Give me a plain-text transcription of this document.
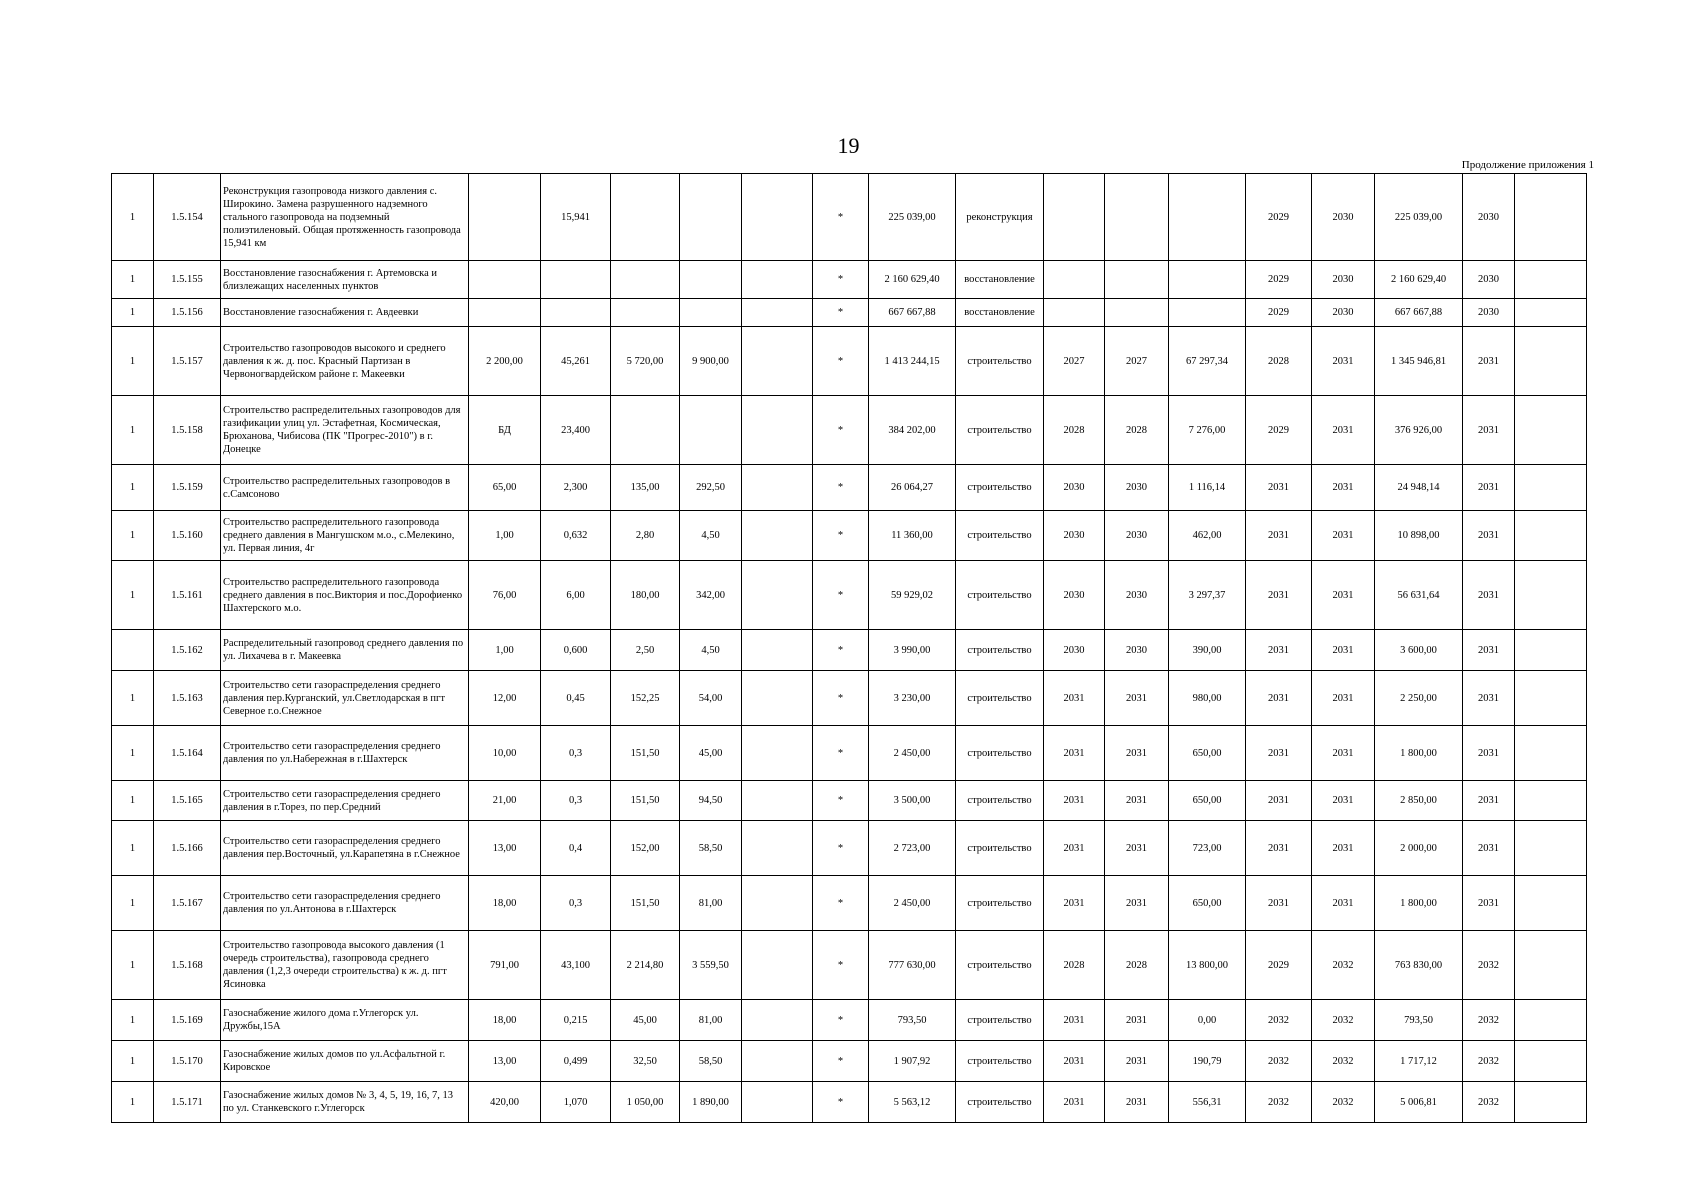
19
Продолжение приложения 1
1	1.5.154	Реконструкция газопровода низкого давления с. Широкино. Замена разрушенного надземного стального газопровода на подземный полиэтиленовый. Общая протяженность газопровода 15,941 км		15,941				*	225 039,00	реконструкция				2029	2030	225 039,00	2030	
1	1.5.155	Восстановление газоснабжения г. Артемовска и близлежащих населенных пунктов						*	2 160 629,40	восстановление				2029	2030	2 160 629,40	2030	
1	1.5.156	Восстановление газоснабжения г. Авдеевки						*	667 667,88	восстановление				2029	2030	667 667,88	2030	
1	1.5.157	Строительство газопроводов высокого и среднего давления к ж. д. пос. Красный Партизан в Червоногвардейском районе г. Макеевки	2 200,00	45,261	5 720,00	9 900,00		*	1 413 244,15	строительство	2027	2027	67 297,34	2028	2031	1 345 946,81	2031	
1	1.5.158	Строительство распределительных газопроводов для газификации улиц ул. Эстафетная, Космическая, Брюханова, Чибисова (ПК "Прогрес-2010") в г. Донецке	БД	23,400				*	384 202,00	строительство	2028	2028	7 276,00	2029	2031	376 926,00	2031	
1	1.5.159	Строительство распределительных газопроводов в с.Самсоново	65,00	2,300	135,00	292,50		*	26 064,27	строительство	2030	2030	1 116,14	2031	2031	24 948,14	2031	
1	1.5.160	Строительство распределительного газопровода среднего давления в Мангушском м.о., с.Мелекино, ул. Первая линия, 4г	1,00	0,632	2,80	4,50		*	11 360,00	строительство	2030	2030	462,00	2031	2031	10 898,00	2031	
1	1.5.161	Строительство распределительного газопровода среднего давления в пос.Виктория и пос.Дорофиенко Шахтерского м.о.	76,00	6,00	180,00	342,00		*	59 929,02	строительство	2030	2030	3 297,37	2031	2031	56 631,64	2031	
	1.5.162	Распределительный газопровод среднего давления по ул. Лихачева в г. Макеевка	1,00	0,600	2,50	4,50		*	3 990,00	строительство	2030	2030	390,00	2031	2031	3 600,00	2031	
1	1.5.163	Строительство сети газораспределения среднего давления пер.Курганский, ул.Светлодарская в пгт Северное г.о.Снежное	12,00	0,45	152,25	54,00		*	3 230,00	строительство	2031	2031	980,00	2031	2031	2 250,00	2031	
1	1.5.164	Строительство сети газораспределения среднего давления по ул.Набережная в г.Шахтерск	10,00	0,3	151,50	45,00		*	2 450,00	строительство	2031	2031	650,00	2031	2031	1 800,00	2031	
1	1.5.165	Строительство сети газораспределения среднего давления в г.Торез, по пер.Средний	21,00	0,3	151,50	94,50		*	3 500,00	строительство	2031	2031	650,00	2031	2031	2 850,00	2031	
1	1.5.166	Строительство сети газораспределения среднего давления пер.Восточный, ул.Карапетяна в г.Снежное	13,00	0,4	152,00	58,50		*	2 723,00	строительство	2031	2031	723,00	2031	2031	2 000,00	2031	
1	1.5.167	Строительство сети газораспределения среднего давления по ул.Антонова в г.Шахтерск	18,00	0,3	151,50	81,00		*	2 450,00	строительство	2031	2031	650,00	2031	2031	1 800,00	2031	
1	1.5.168	Строительство газопровода высокого давления (1 очередь строительства), газопровода среднего давления (1,2,3 очереди строительства) к ж. д. пгт Ясиновка	791,00	43,100	2 214,80	3 559,50		*	777 630,00	строительство	2028	2028	13 800,00	2029	2032	763 830,00	2032	
1	1.5.169	Газоснабжение жилого дома г.Углегорск ул. Дружбы,15А	18,00	0,215	45,00	81,00		*	793,50	строительство	2031	2031	0,00	2032	2032	793,50	2032	
1	1.5.170	Газоснабжение жилых домов по ул.Асфальтной г. Кировское	13,00	0,499	32,50	58,50		*	1 907,92	строительство	2031	2031	190,79	2032	2032	1 717,12	2032	
1	1.5.171	Газоснабжение жилых домов № 3, 4, 5, 19, 16, 7, 13 по ул. Станкевского г.Углегорск	420,00	1,070	1 050,00	1 890,00		*	5 563,12	строительство	2031	2031	556,31	2032	2032	5 006,81	2032	
